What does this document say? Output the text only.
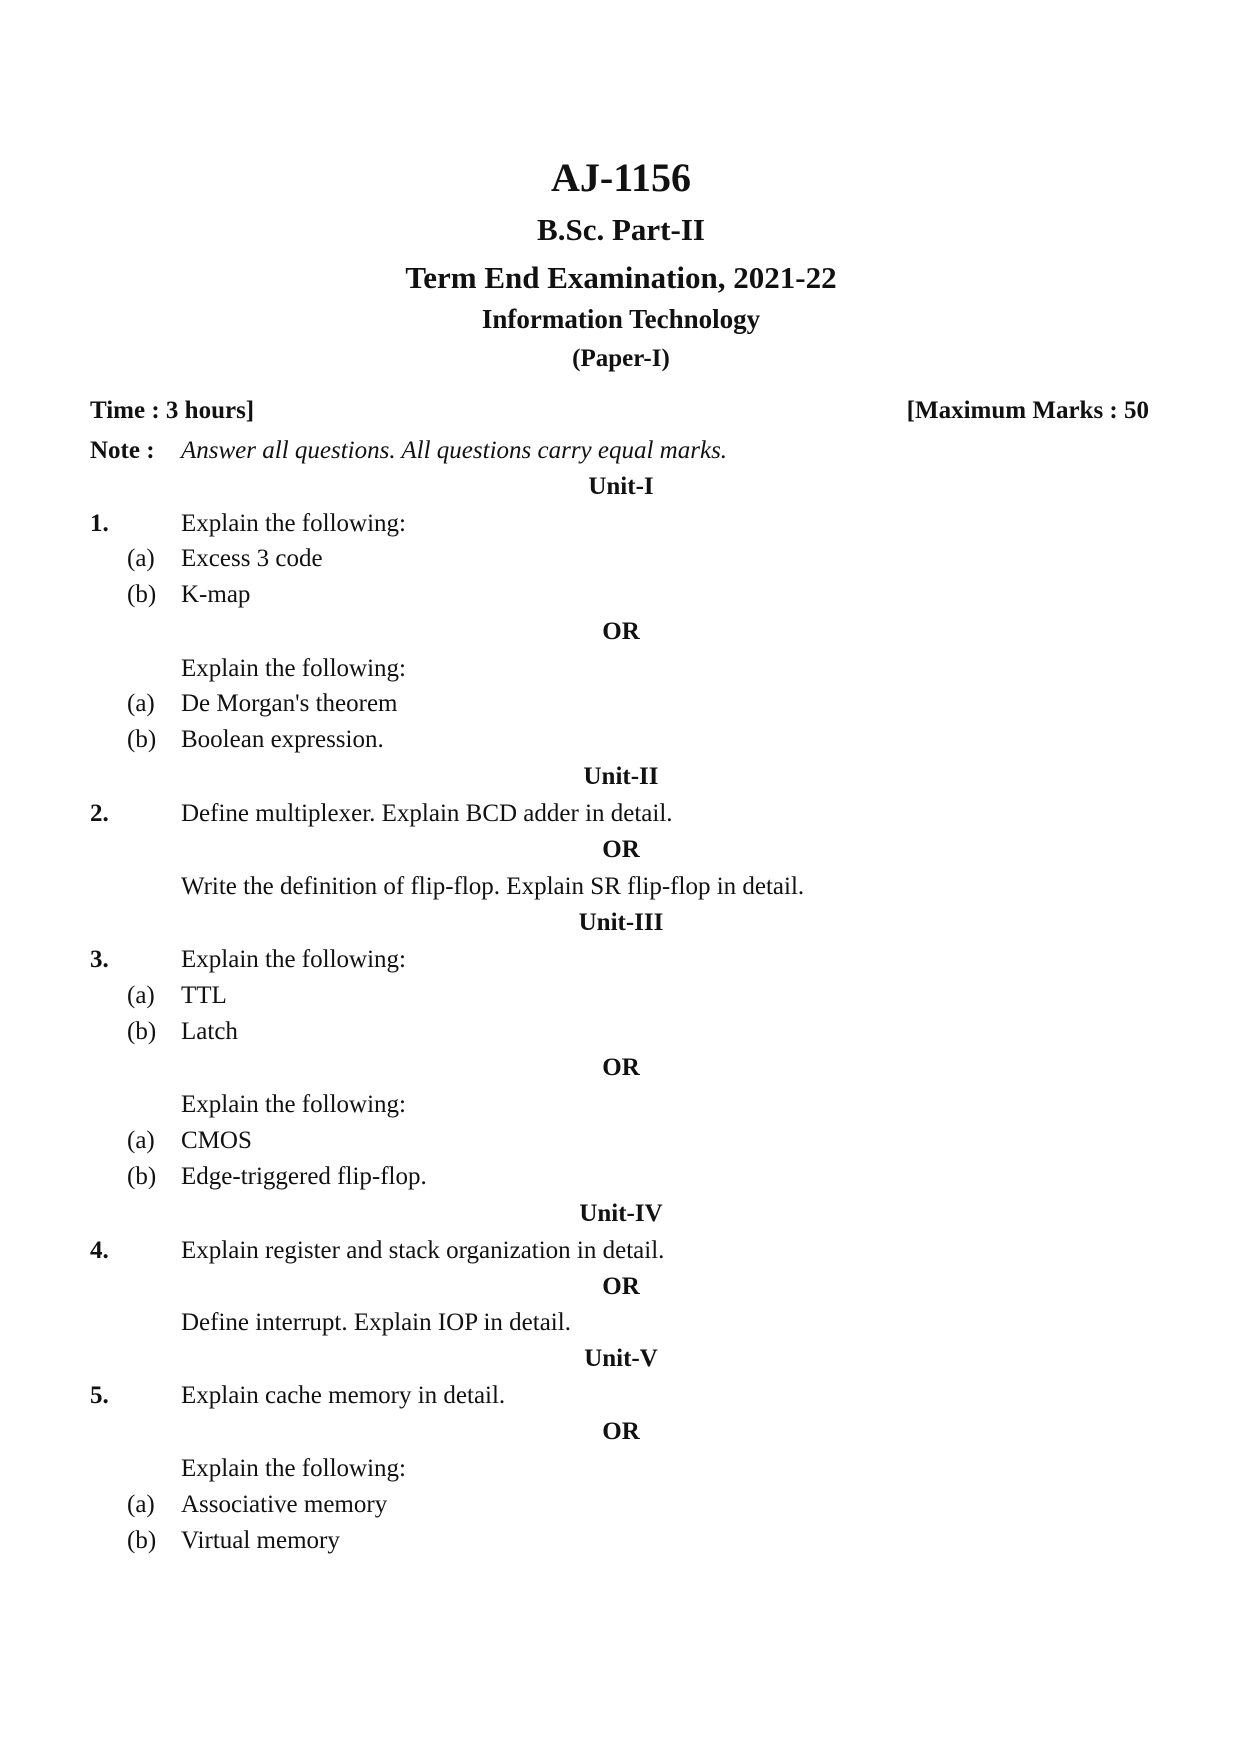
AJ-1156
B.Sc. Part-II
Term End Examination, 2021-22
Information Technology
(Paper-I)
Time : 3 hours]	[Maximum Marks : 50
Note : Answer all questions. All questions carry equal marks.
Unit-I
1.	Explain the following:
(a) Excess 3 code
(b) K-map
OR
Explain the following:
(a) De Morgan's theorem
(b) Boolean expression.
Unit-II
2.	Define multiplexer. Explain BCD adder in detail.
OR
Write the definition of flip-flop. Explain SR flip-flop in detail.
Unit-III
3.	Explain the following:
(a) TTL
(b) Latch
OR
Explain the following:
(a) CMOS
(b) Edge-triggered flip-flop.
Unit-IV
4.	Explain register and stack organization in detail.
OR
Define interrupt. Explain IOP in detail.
Unit-V
5.	Explain cache memory in detail.
OR
Explain the following:
(a) Associative memory
(b) Virtual memory
